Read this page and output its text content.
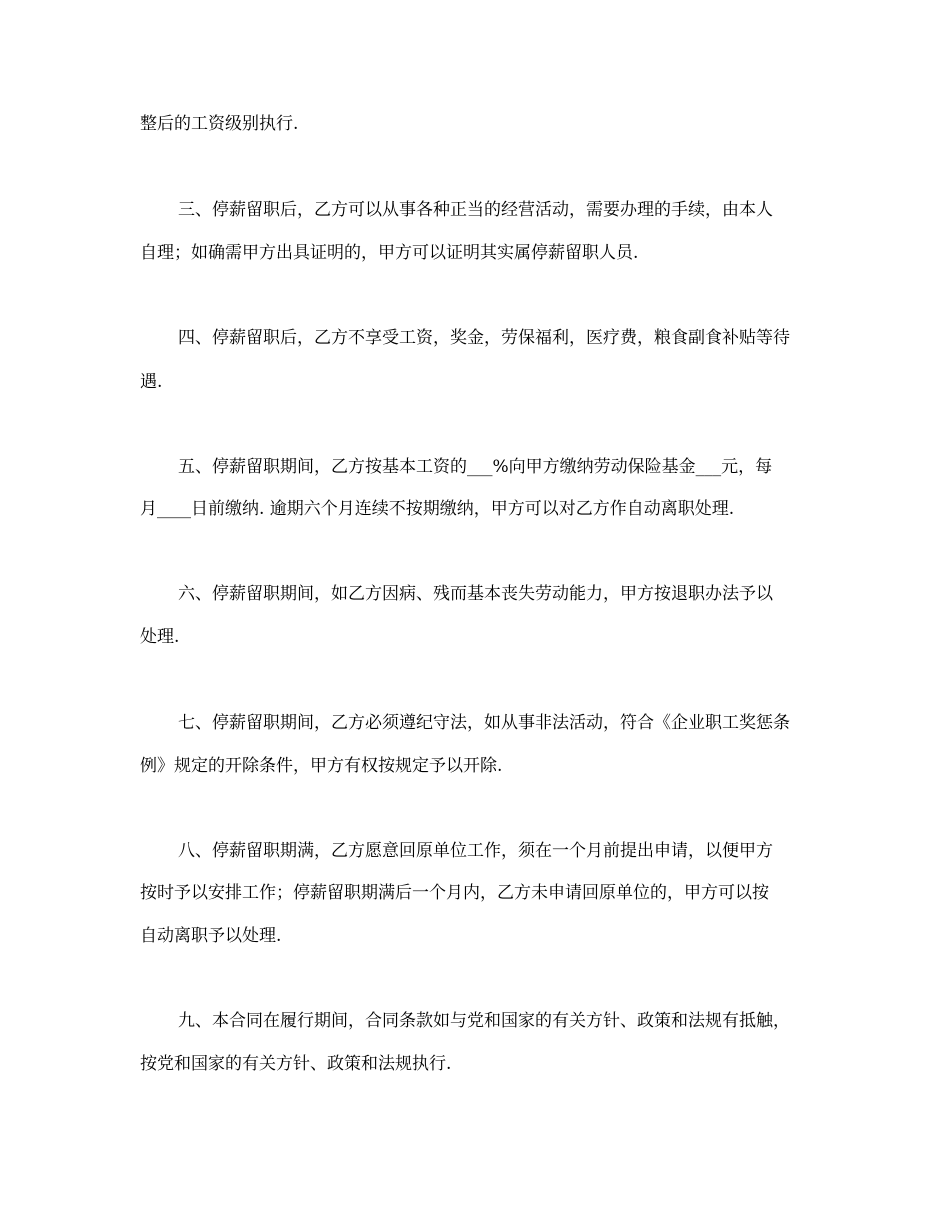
整后的工资级别执行.
三、停薪留职后，乙方可以从事各种正当的经营活动，需要办理的手续，由本人
自理；如确需甲方出具证明的，甲方可以证明其实属停薪留职人员.
四、停薪留职后，乙方不享受工资，奖金，劳保福利，医疗费，粮食副食补贴等待
遇.
五、停薪留职期间，乙方按基本工资的___%向甲方缴纳劳动保险基金___元，每
月____日前缴纳. 逾期六个月连续不按期缴纳，甲方可以对乙方作自动离职处理.
六、停薪留职期间，如乙方因病、残而基本丧失劳动能力，甲方按退职办法予以
处理.
七、停薪留职期间，乙方必须遵纪守法，如从事非法活动，符合《企业职工奖惩条
例》规定的开除条件，甲方有权按规定予以开除.
八、停薪留职期满，乙方愿意回原单位工作，须在一个月前提出申请，以便甲方
按时予以安排工作；停薪留职期满后一个月内，乙方未申请回原单位的，甲方可以按
自动离职予以处理.
九、本合同在履行期间，合同条款如与党和国家的有关方针、政策和法规有抵触，
按党和国家的有关方针、政策和法规执行.
